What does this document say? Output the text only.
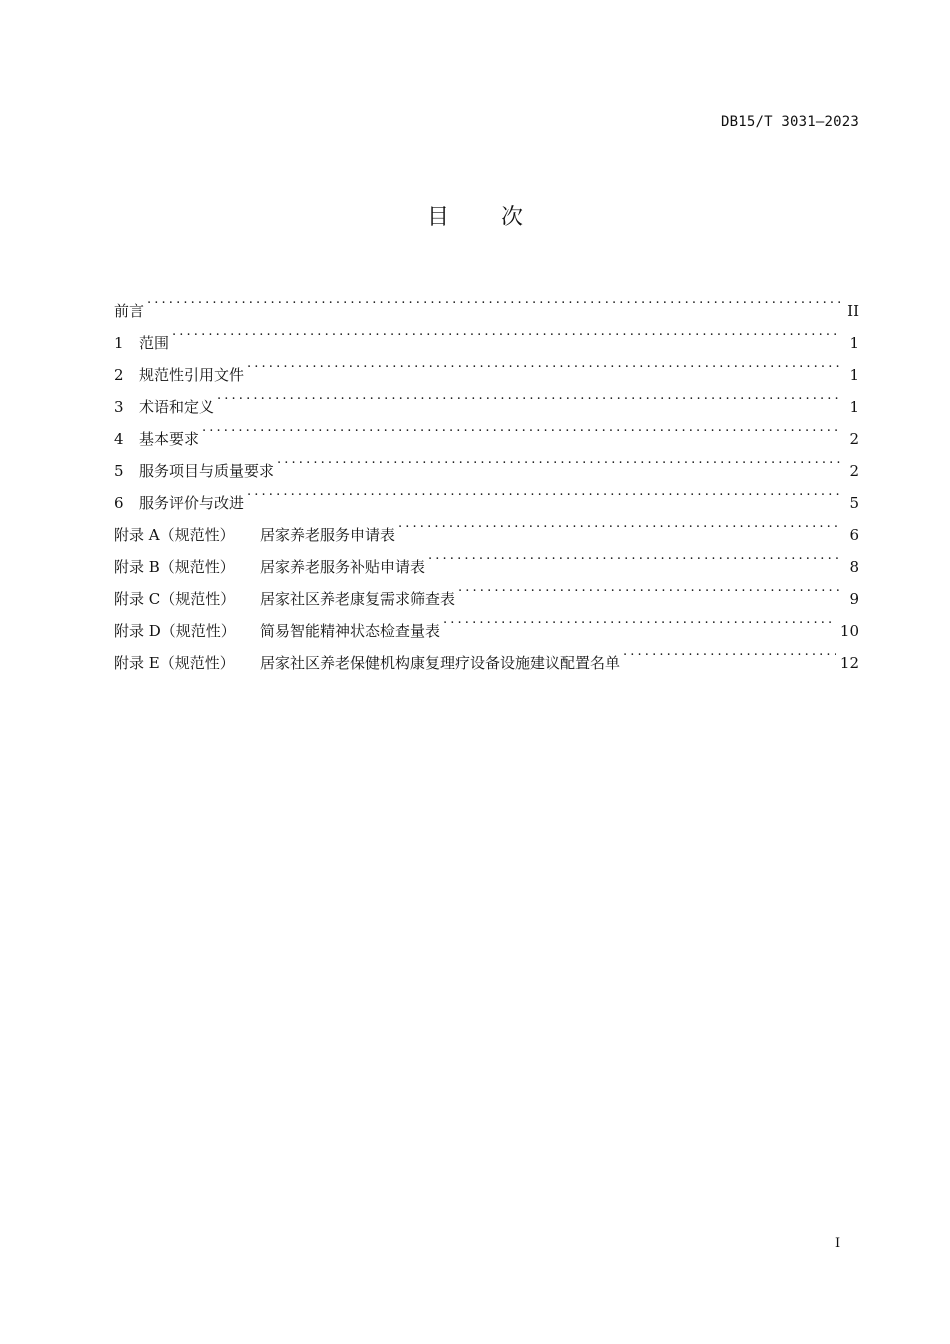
DB15/T 3031—2023
目 次
前言 . . .	II
1	范围 . . .	1
2	规范性引用文件 . . .	1
3	术语和定义 . . .	1
4	基本要求 . . .	2
5	服务项目与质量要求 . . .	2
6	服务评价与改进 . . .	5
附录 A（规范性）	居家养老服务申请表 . . .	6
附录 B（规范性）	居家养老服务补贴申请表 . . .	8
附录 C（规范性）	居家社区养老康复需求筛查表 . . .	9
附录 D（规范性）	简易智能精神状态检查量表 . . .	10
附录 E（规范性）	居家社区养老保健机构康复理疗设备设施建议配置名单 . . .	12
I
